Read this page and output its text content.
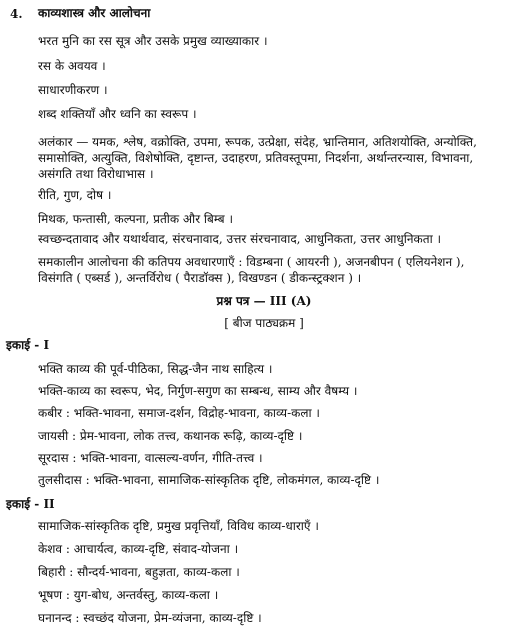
4. काव्यशास्त्र और आलोचना
भरत मुनि का रस सूत्र और उसके प्रमुख व्याख्याकार ।
रस के अवयव ।
साधारणीकरण ।
शब्द शक्तियाँ और ध्वनि का स्वरूप ।
अलंकार — यमक, श्लेष, वक्रोक्ति, उपमा, रूपक, उत्प्रेक्षा, संदेह, भ्रान्तिमान, अतिशयोक्ति, अन्योक्ति,
समासोक्ति, अत्युक्ति, विशेषोक्ति, दृष्टान्त, उदाहरण, प्रतिवस्तूपमा, निदर्शना, अर्थान्तरन्यास, विभावना,
असंगति तथा विरोधाभास ।
रीति, गुण, दोष ।
मिथक, फन्तासी, कल्पना, प्रतीक और बिम्ब ।
स्वच्छन्दतावाद और यथार्थवाद, संरचनावाद, उत्तर संरचनावाद, आधुनिकता, उत्तर आधुनिकता ।
समकालीन आलोचना की कतिपय अवधारणाएँ : विडम्बना ( आयरनी ), अजनबीपन ( एलियनेशन ),
विसंगति ( एब्सर्ड ), अन्तर्विरोध ( पैराडॉक्स ), विखण्डन ( डीकन्स्ट्रक्शन ) ।
प्रश्न पत्र — III (A)
[ बीज पाठ्यक्रम ]
इकाई - I
भक्ति काव्य की पूर्व-पीठिका, सिद्ध-जैन नाथ साहित्य ।
भक्ति-काव्य का स्वरूप, भेद, निर्गुण-सगुण का सम्बन्ध, साम्य और वैषम्य ।
कबीर : भक्ति-भावना, समाज-दर्शन, विद्रोह-भावना, काव्य-कला ।
जायसी : प्रेम-भावना, लोक तत्त्व, कथानक रूढ़ि, काव्य-दृष्टि ।
सूरदास : भक्ति-भावना, वात्सल्य-वर्णन, गीति-तत्त्व ।
तुलसीदास : भक्ति-भावना, सामाजिक-सांस्कृतिक दृष्टि, लोकमंगल, काव्य-दृष्टि ।
इकाई - II
सामाजिक-सांस्कृतिक दृष्टि, प्रमुख प्रवृत्तियाँ, विविध काव्य-धाराएँ ।
केशव : आचार्यत्व, काव्य-दृष्टि, संवाद-योजना ।
बिहारी : सौन्दर्य-भावना, बहुज्ञता, काव्य-कला ।
भूषण : युग-बोध, अन्तर्वस्तु, काव्य-कला ।
घनानन्द : स्वच्छंद योजना, प्रेम-व्यंजना, काव्य-दृष्टि ।
